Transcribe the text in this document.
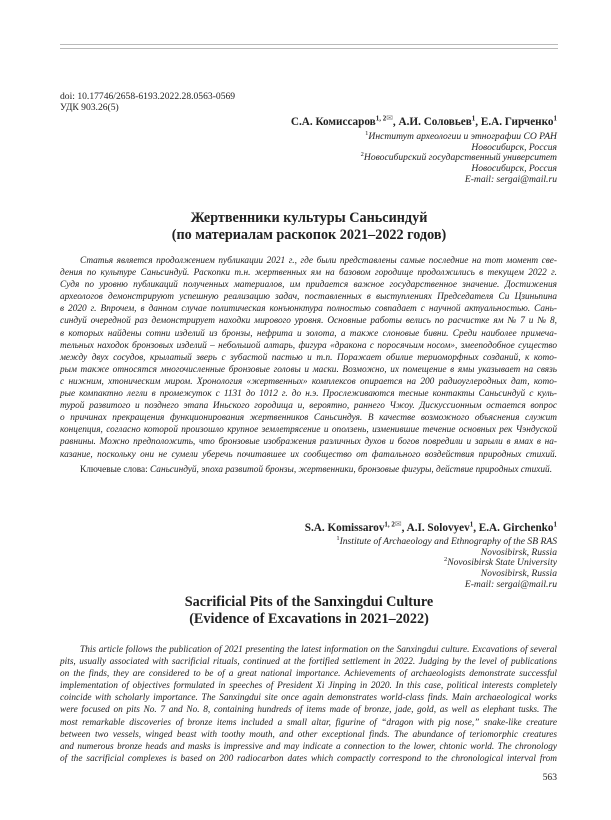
doi: 10.17746/2658-6193.2022.28.0563-0569
УДК 903.26(5)
С.А. Комиссаров$^{1, 2✉}$, А.И. Соловьев$^1$, Е.А. Гирченко$^1$
$^1$Институт археологии и этнографии СО РАН
Новосибирск, Россия
$^2$Новосибирский государственный университет
Новосибирск, Россия
E-mail: sergai@mail.ru
Жертвенники культуры Саньсиндуй
(по материалам раскопок 2021–2022 годов)
Статья является продолжением публикации 2021 г., где были представлены самые последние на тот момент све-
дения по культуре Саньсиндуй. Раскопки т.н. жертвенных ям на базовом городище продолжились в текущем 2022 г.
Судя по уровню публикаций полученных материалов, им придается важное государственное значение. Достижения
археологов демонстрируют успешную реализацию задач, поставленных в выступлениях Председателя Си Цзиньпина
в 2020 г. Впрочем, в данном случае политическая конъюнктура полностью совпадает с научной актуальностью. Сань-
синдуй очередной раз демонстрирует находки мирового уровня. Основные работы велись по расчистке ям № 7 и № 8,
в которых найдены сотни изделий из бронзы, нефрита и золота, а также слоновые бивни. Среди наиболее примеча-
тельных находок бронзовых изделий – небольшой алтарь, фигура «дракона с поросячьим носом», змееподобное существо
между двух сосудов, крылатый зверь с зубастой пастью и т.п. Поражает обилие териоморфных созданий, к кото-
рым также относятся многочисленные бронзовые головы и маски. Возможно, их помещение в ямы указывает на связь
с нижним, хтоническим миром. Хронология «жертвенных» комплексов опирается на 200 радиоуглеродных дат, кото-
рые компактно легли в промежуток с 1131 до 1012 г. до н.э. Прослеживаются тесные контакты Саньсиндуй с куль-
турой развитого и позднего этапа Иньского городища и, вероятно, раннего Чжоу. Дискуссионным остается вопрос
о причинах прекращения функционирования жертвенников Саньсиндуя. В качестве возможного объяснения служит
концепция, согласно которой произошло крупное землетрясение и оползень, изменившие течение основных рек Чэндуской
равнины. Можно предположить, что бронзовые изображения различных духов и богов повредили и зарыли в ямах в на-
казание, поскольку они не сумели уберечь почитавшее их сообщество от фатального воздействия природных стихий.
Ключевые слова: Саньсиндуй, эпоха развитой бронзы, жертвенники, бронзовые фигуры, действие природных стихий.
S.A. Komissarov$^{1, 2✉}$, A.I. Solovyev$^1$, E.A. Girchenko$^1$
$^1$Institute of Archaeology and Ethnography of the SB RAS
Novosibirsk, Russia
$^2$Novosibirsk State University
Novosibirsk, Russia
E-mail: sergai@mail.ru
Sacrificial Pits of the Sanxingdui Culture
(Evidence of Excavations in 2021–2022)
This article follows the publication of 2021 presenting the latest information on the Sanxingdui culture. Excavations of several
pits, usually associated with sacrificial rituals, continued at the fortified settlement in 2022. Judging by the level of publications
on the finds, they are considered to be of a great national importance. Achievements of archaeologists demonstrate successful
implementation of objectives formulated in speeches of President Xi Jinping in 2020. In this case, political interests completely
coincide with scholarly importance. The Sanxingdui site once again demonstrates world-class finds. Main archaeological works
were focused on pits No. 7 and No. 8, containing hundreds of items made of bronze, jade, gold, as well as elephant tusks. The
most remarkable discoveries of bronze items included a small altar, figurine of “dragon with pig nose,” snake-like creature
between two vessels, winged beast with toothy mouth, and other exceptional finds. The abundance of teriomorphic creatures
and numerous bronze heads and masks is impressive and may indicate a connection to the lower, chtonic world. The chronology
of the sacrificial complexes is based on 200 radiocarbon dates which compactly correspond to the chronological interval from
563
